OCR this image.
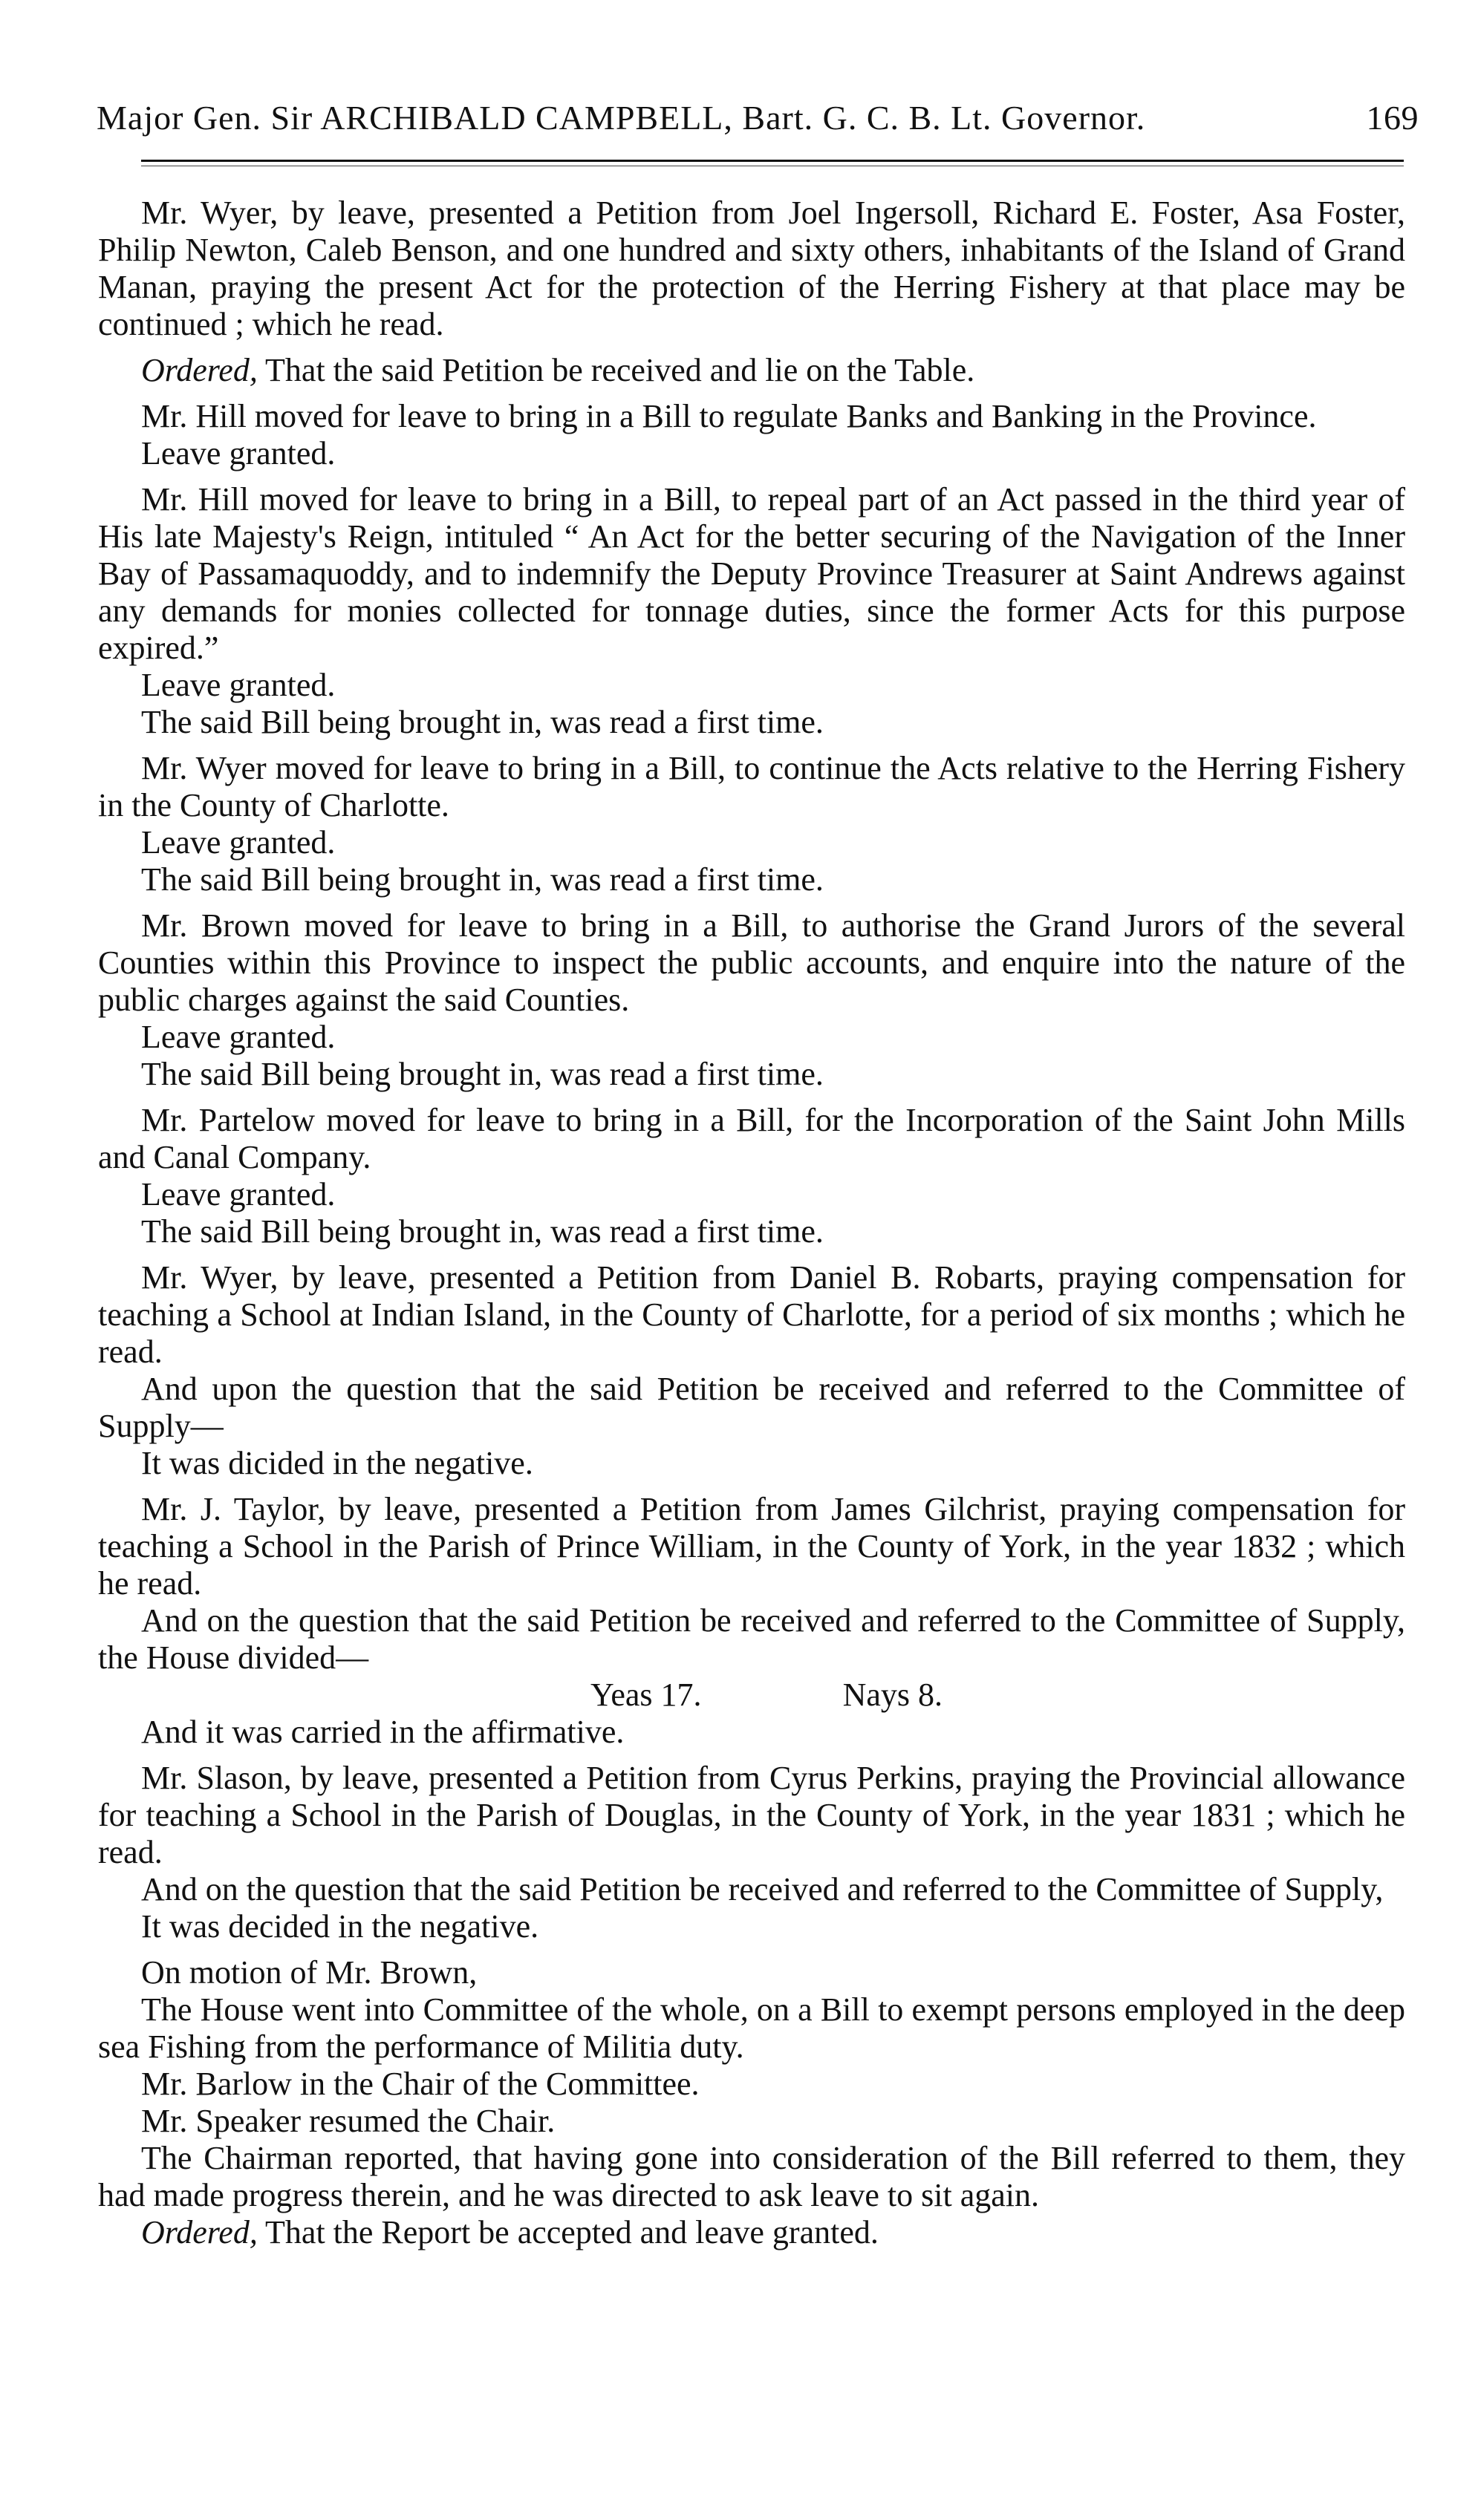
Major Gen. Sir ARCHIBALD CAMPBELL, Bart. G. C. B. Lt. Governor.	169

Mr. Wyer, by leave, presented a Petition from Joel Ingersoll, Richard E. Foster, Asa Foster, Philip Newton, Caleb Benson, and one hundred and sixty others, inhabitants of the Island of Grand Manan, praying the present Act for the protection of the Herring Fishery at that place may be continued ; which he read.

Ordered, That the said Petition be received and lie on the Table.

Mr. Hill moved for leave to bring in a Bill to regulate Banks and Banking in the Province.

Leave granted.

Mr. Hill moved for leave to bring in a Bill, to repeal part of an Act passed in the third year of His late Majesty's Reign, intituled “ An Act for the better securing of the Navigation of the Inner Bay of Passamaquoddy, and to indemnify the Deputy Province Treasurer at Saint Andrews against any demands for monies collected for tonnage duties, since the former Acts for this purpose expired.”

Leave granted.

The said Bill being brought in, was read a first time.

Mr. Wyer moved for leave to bring in a Bill, to continue the Acts relative to the Herring Fishery in the County of Charlotte.

Leave granted.

The said Bill being brought in, was read a first time.

Mr. Brown moved for leave to bring in a Bill, to authorise the Grand Jurors of the several Counties within this Province to inspect the public accounts, and enquire into the nature of the public charges against the said Counties.

Leave granted.

The said Bill being brought in, was read a first time.

Mr. Partelow moved for leave to bring in a Bill, for the Incorporation of the Saint John Mills and Canal Company.

Leave granted.

The said Bill being brought in, was read a first time.

Mr. Wyer, by leave, presented a Petition from Daniel B. Robarts, praying compensation for teaching a School at Indian Island, in the County of Charlotte, for a period of six months ; which he read.

And upon the question that the said Petition be received and referred to the Committee of Supply—

It was dicided in the negative.

Mr. J. Taylor, by leave, presented a Petition from James Gilchrist, praying compensation for teaching a School in the Parish of Prince William, in the County of York, in the year 1832 ; which he read.

And on the question that the said Petition be received and referred to the Committee of Supply, the House divided—

Yeas 17.	Nays 8.

And it was carried in the affirmative.

Mr. Slason, by leave, presented a Petition from Cyrus Perkins, praying the Provincial allowance for teaching a School in the Parish of Douglas, in the County of York, in the year 1831 ; which he read.

And on the question that the said Petition be received and referred to the Committee of Supply,

It was decided in the negative.

On motion of Mr. Brown,

The House went into Committee of the whole, on a Bill to exempt persons employed in the deep sea Fishing from the performance of Militia duty.

Mr. Barlow in the Chair of the Committee.

Mr. Speaker resumed the Chair.

The Chairman reported, that having gone into consideration of the Bill referred to them, they had made progress therein, and he was directed to ask leave to sit again.

Ordered, That the Report be accepted and leave granted.
